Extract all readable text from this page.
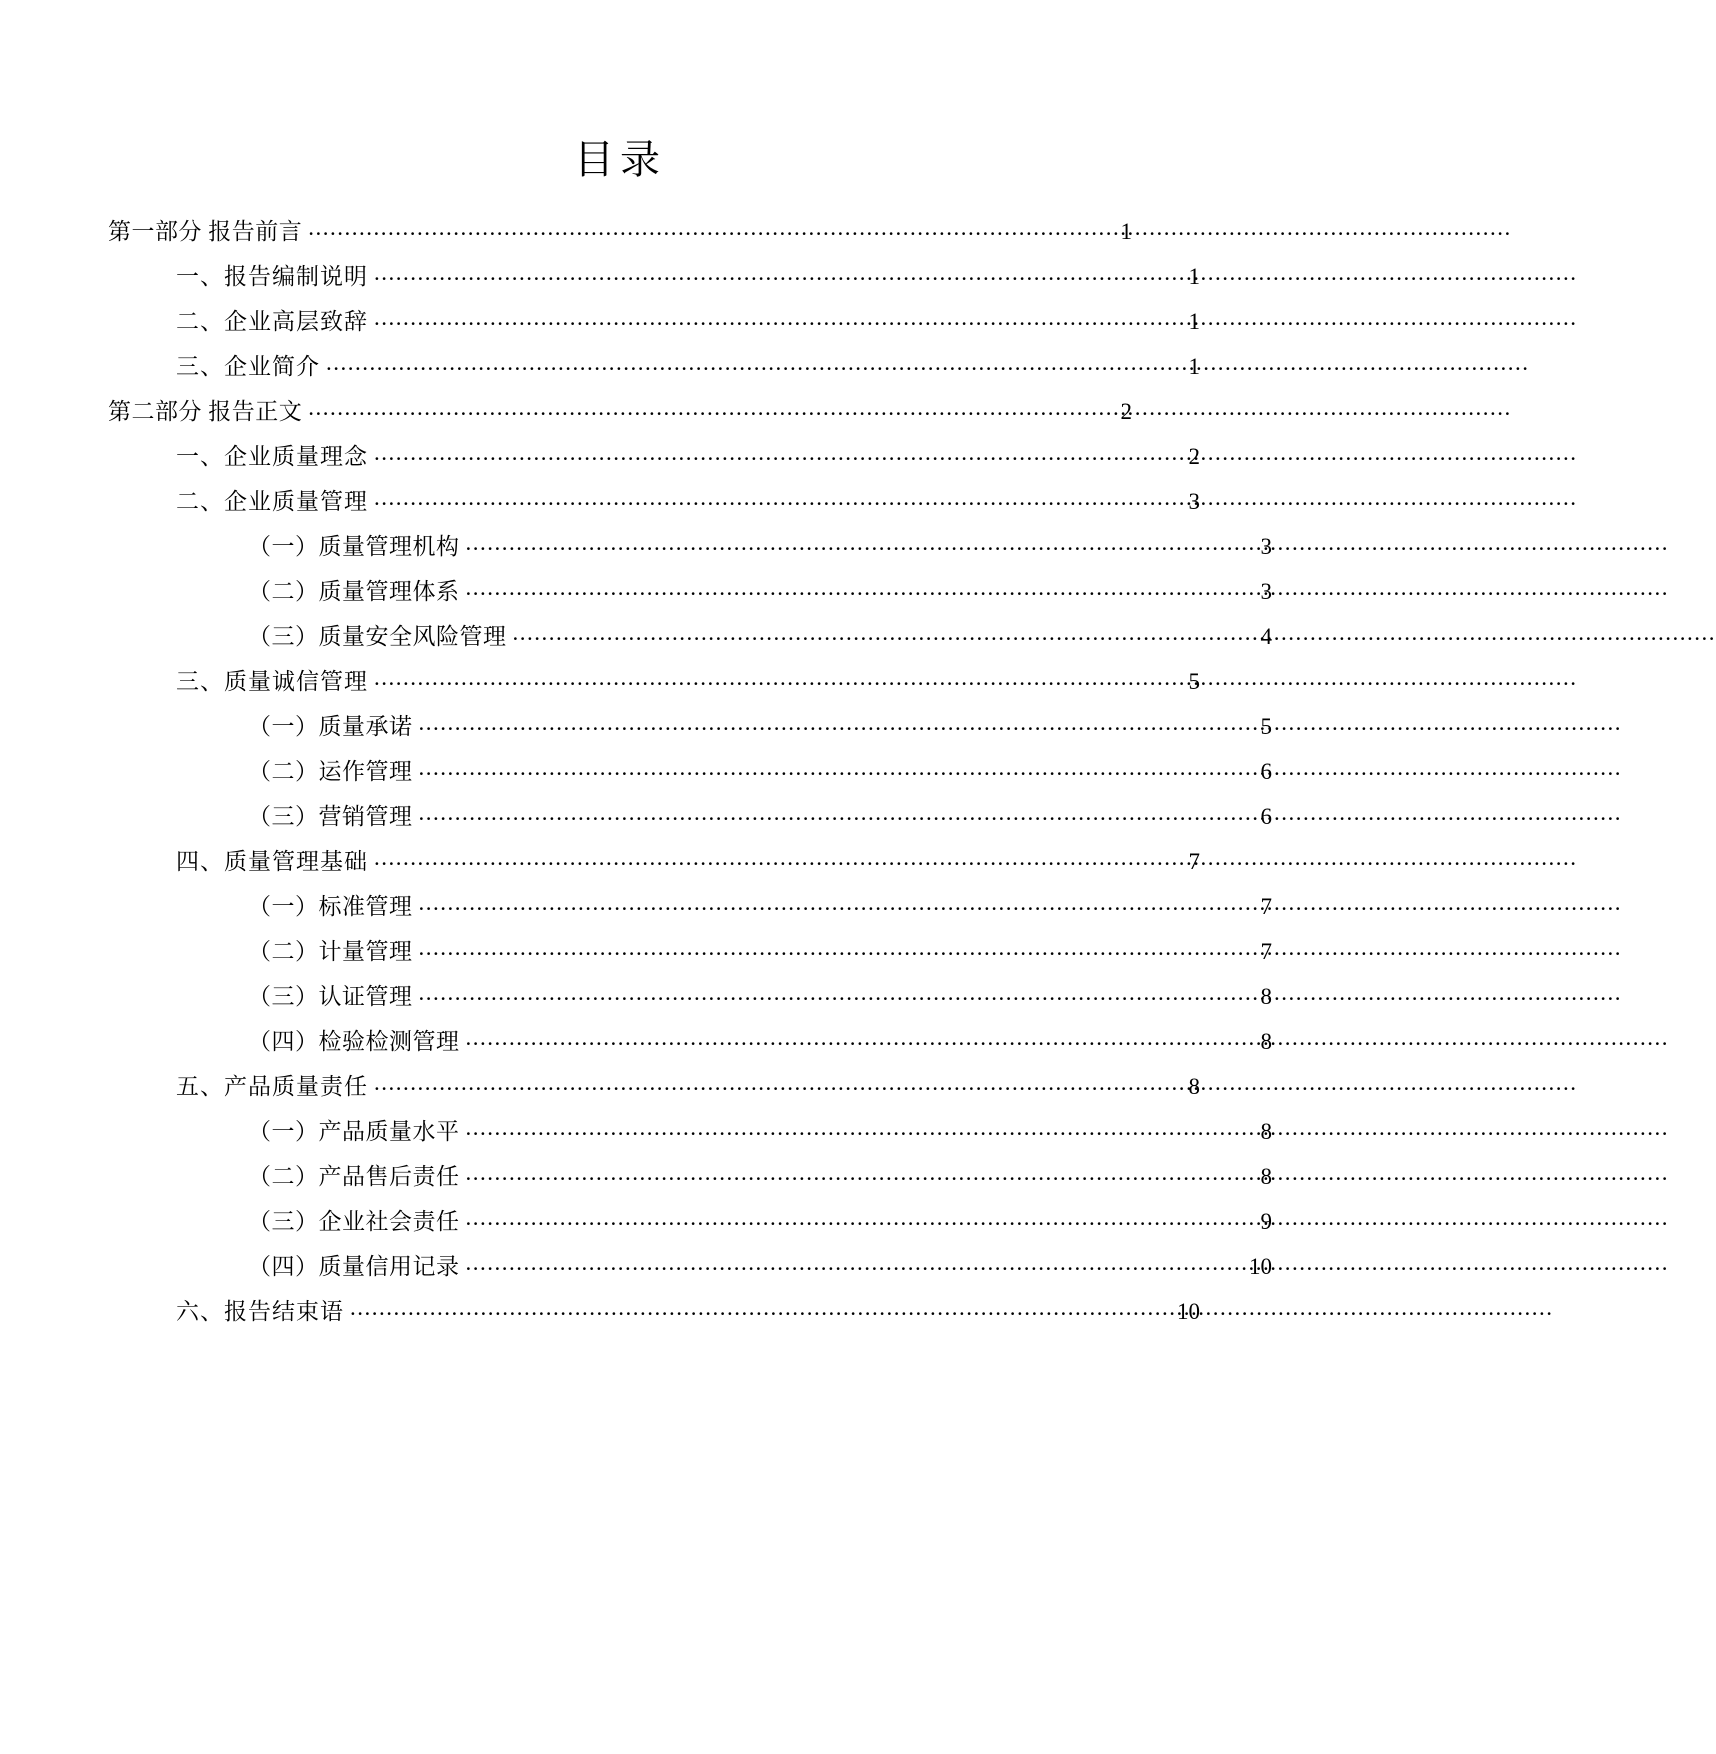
目录
第一部分 报告前言 .....	1
一、报告编制说明 .....	1
二、企业高层致辞 .....	1
三、企业简介 .....	1
第二部分 报告正文 .....	2
一、企业质量理念 .....	2
二、企业质量管理 .....	3
（一）质量管理机构 .....	3
（二）质量管理体系 .....	3
（三）质量安全风险管理 .....	4
三、质量诚信管理 .....	5
（一）质量承诺 .....	5
（二）运作管理 .....	6
（三）营销管理 .....	6
四、质量管理基础 .....	7
（一）标准管理 .....	7
（二）计量管理 .....	7
（三）认证管理 .....	8
（四）检验检测管理 .....	8
五、产品质量责任 .....	8
（一）产品质量水平 .....	8
（二）产品售后责任 .....	8
（三）企业社会责任 .....	9
（四）质量信用记录 .....	10
六、报告结束语 .....	10
